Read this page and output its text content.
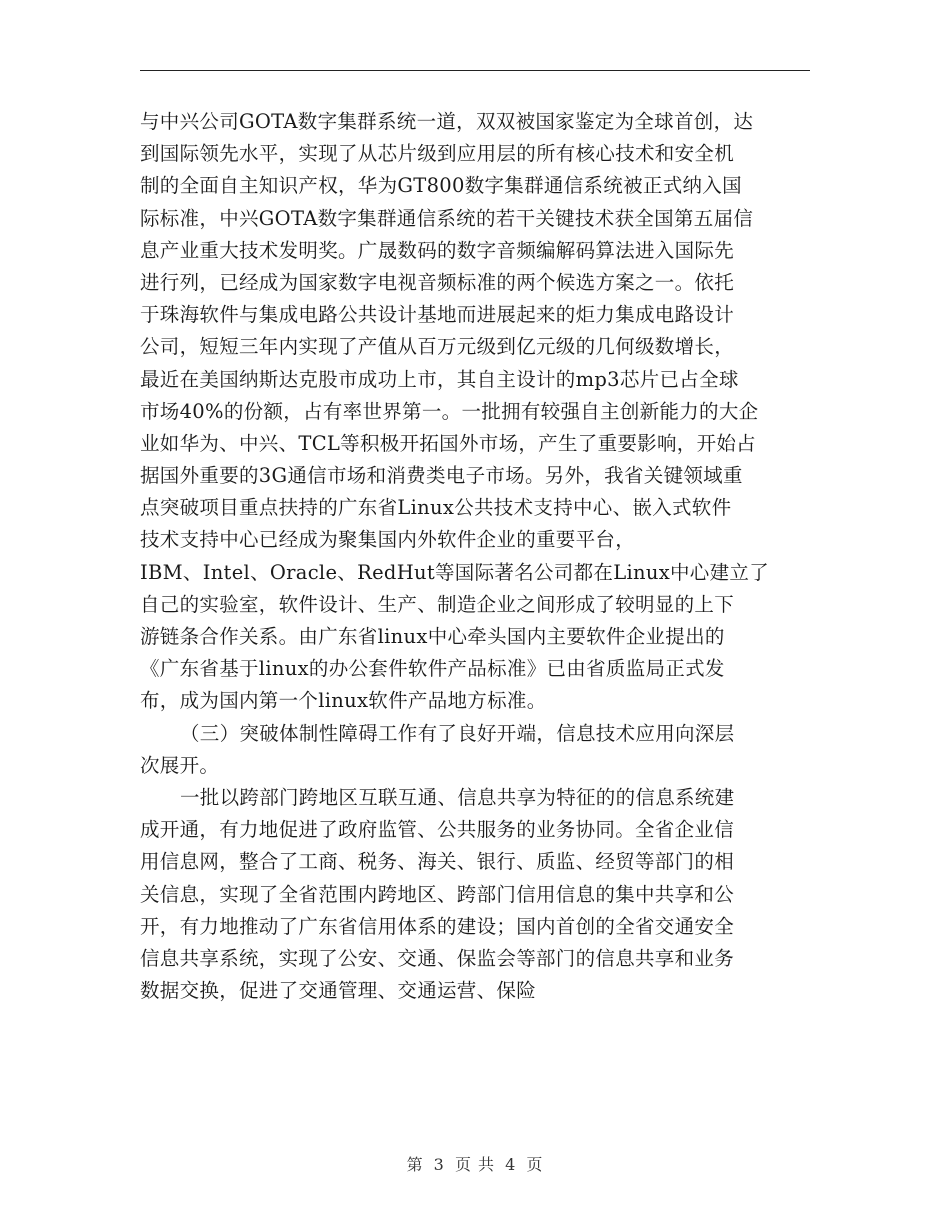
与中兴公司GOTA数字集群系统一道，双双被国家鉴定为全球首创，达
到国际领先水平，实现了从芯片级到应用层的所有核心技术和安全机
制的全面自主知识产权，华为GT800数字集群通信系统被正式纳入国
际标准，中兴GOTA数字集群通信系统的若干关键技术获全国第五届信
息产业重大技术发明奖。广晟数码的数字音频编解码算法进入国际先
进行列，已经成为国家数字电视音频标准的两个候选方案之一。依托
于珠海软件与集成电路公共设计基地而进展起来的炬力集成电路设计
公司，短短三年内实现了产值从百万元级到亿元级的几何级数增长，
最近在美国纳斯达克股市成功上市，其自主设计的mp3芯片已占全球
市场40%的份额，占有率世界第一。一批拥有较强自主创新能力的大企
业如华为、中兴、TCL等积极开拓国外市场，产生了重要影响，开始占
据国外重要的3G通信市场和消费类电子市场。另外，我省关键领域重
点突破项目重点扶持的广东省Linux公共技术支持中心、嵌入式软件
技术支持中心已经成为聚集国内外软件企业的重要平台，
IBM、Intel、Oracle、RedHut等国际著名公司都在Linux中心建立了
自己的实验室，软件设计、生产、制造企业之间形成了较明显的上下
游链条合作关系。由广东省linux中心牵头国内主要软件企业提出的
《广东省基于linux的办公套件软件产品标准》已由省质监局正式发
布，成为国内第一个linux软件产品地方标准。
（三）突破体制性障碍工作有了良好开端，信息技术应用向深层
次展开。
一批以跨部门跨地区互联互通、信息共享为特征的的信息系统建
成开通，有力地促进了政府监管、公共服务的业务协同。全省企业信
用信息网，整合了工商、税务、海关、银行、质监、经贸等部门的相
关信息，实现了全省范围内跨地区、跨部门信用信息的集中共享和公
开，有力地推动了广东省信用体系的建设；国内首创的全省交通安全
信息共享系统，实现了公安、交通、保监会等部门的信息共享和业务
数据交换，促进了交通管理、交通运营、保险
第 3 页 共 4 页
